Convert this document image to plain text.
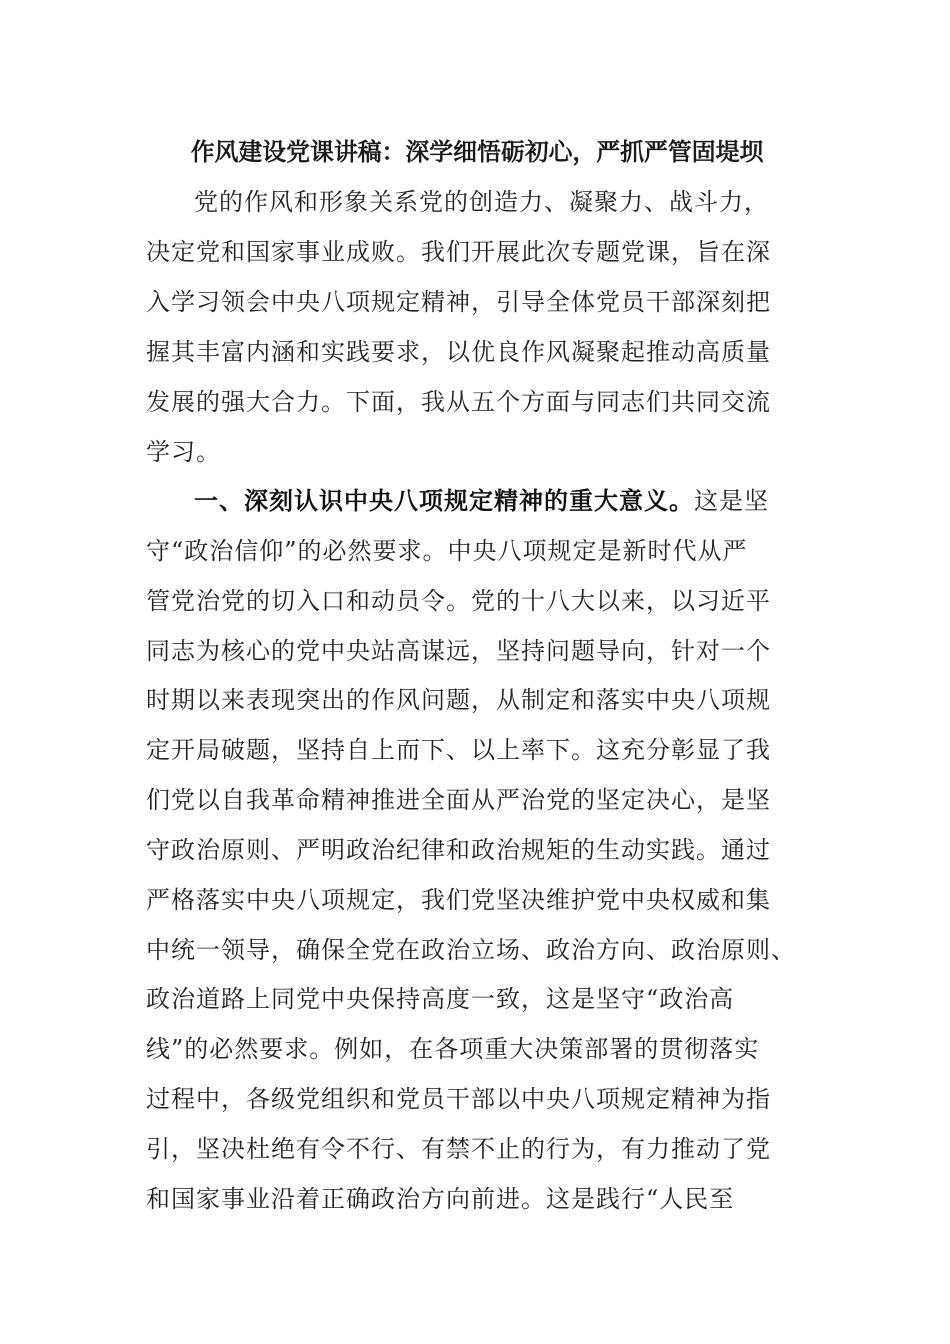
作风建设党课讲稿：深学细悟砺初心，严抓严管固堤坝
党的作风和形象关系党的创造力、凝聚力、战斗力，
决定党和国家事业成败。我们开展此次专题党课，旨在深
入学习领会中央八项规定精神，引导全体党员干部深刻把
握其丰富内涵和实践要求，以优良作风凝聚起推动高质量
发展的强大合力。下面，我从五个方面与同志们共同交流
学习。
一、深刻认识中央八项规定精神的重大意义。这是坚
守“政治信仰”的必然要求。中央八项规定是新时代从严
管党治党的切入口和动员令。党的十八大以来，以习近平
同志为核心的党中央站高谋远，坚持问题导向，针对一个
时期以来表现突出的作风问题，从制定和落实中央八项规
定开局破题，坚持自上而下、以上率下。这充分彰显了我
们党以自我革命精神推进全面从严治党的坚定决心，是坚
守政治原则、严明政治纪律和政治规矩的生动实践。通过
严格落实中央八项规定，我们党坚决维护党中央权威和集
中统一领导，确保全党在政治立场、政治方向、政治原则、
政治道路上同党中央保持高度一致，这是坚守“政治高
线”的必然要求。例如，在各项重大决策部署的贯彻落实
过程中，各级党组织和党员干部以中央八项规定精神为指
引，坚决杜绝有令不行、有禁不止的行为，有力推动了党
和国家事业沿着正确政治方向前进。这是践行“人民至
